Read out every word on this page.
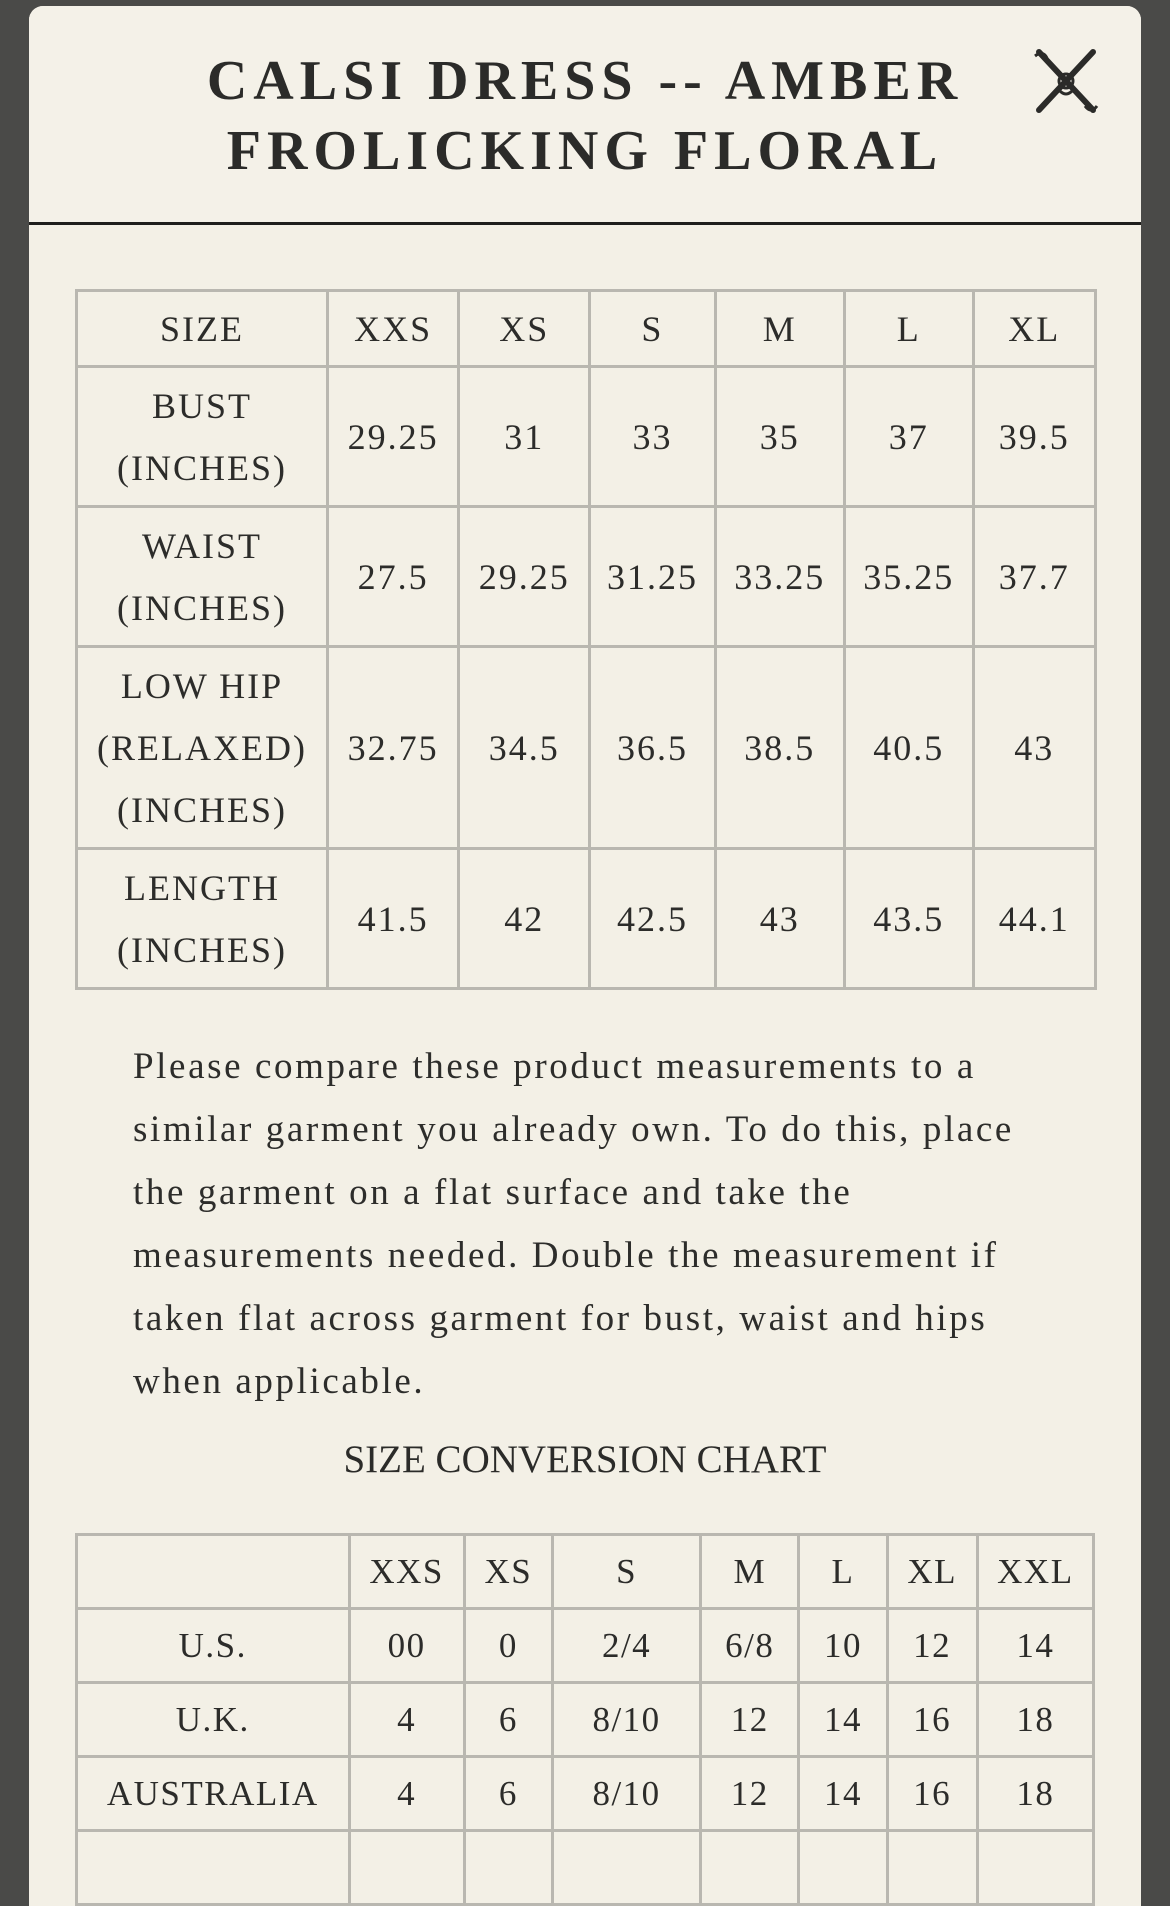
CALSI DRESS -- AMBER
FROLICKING FLORAL
SIZE	XXS	XS	S	M	L	XL

BUST
(INCHES)	29.25	31	33	35	37	39.5

WAIST
(INCHES)	27.5	29.25	31.25	33.25	35.25	37.7

LOW HIP
(RELAXED)
(INCHES)	32.75	34.5	36.5	38.5	40.5	43

LENGTH
(INCHES)	41.5	42	42.5	43	43.5	44.1
Please compare these product measurements to a similar garment you already own. To do this, place the garment on a flat surface and take the measurements needed. Double the measurement if taken flat across garment for bust, waist and hips when applicable.
SIZE CONVERSION CHART
	XXS	XS	S	M	L	XL	XXL
U.S.	00	0	2/4	6/8	10	12	14
U.K.	4	6	8/10	12	14	16	18
AUSTRALIA	4	6	8/10	12	14	16	18
